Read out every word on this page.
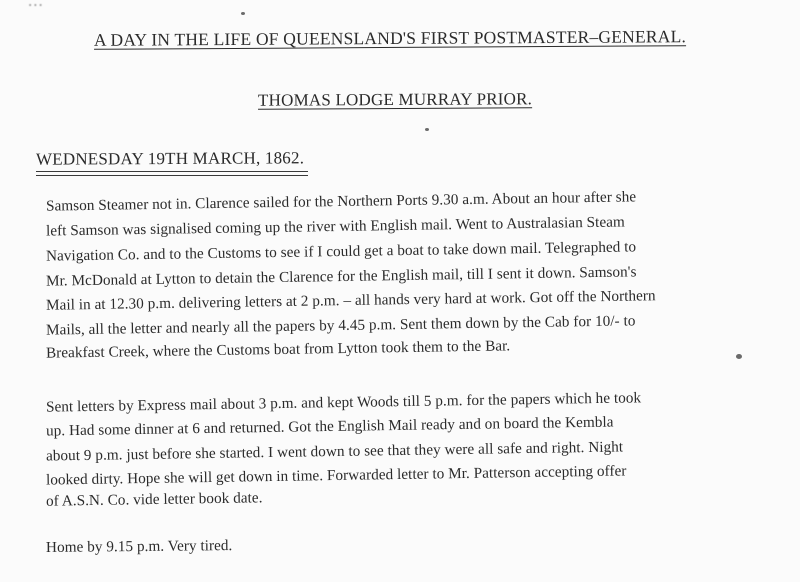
...
A DAY IN THE LIFE OF QUEENSLAND'S FIRST POSTMASTER–GENERAL.
THOMAS LODGE MURRAY PRIOR.
WEDNESDAY 19TH MARCH, 1862.
Samson Steamer not in. Clarence sailed for the Northern Ports 9.30 a.m. About an hour after she
left Samson was signalised coming up the river with English mail. Went to Australasian Steam
Navigation Co. and to the Customs to see if I could get a boat to take down mail. Telegraphed to
Mr. McDonald at Lytton to detain the Clarence for the English mail, till I sent it down. Samson's
Mail in at 12.30 p.m. delivering letters at 2 p.m. – all hands very hard at work. Got off the Northern
Mails, all the letter and nearly all the papers by 4.45 p.m. Sent them down by the Cab for 10/- to
Breakfast Creek, where the Customs boat from Lytton took them to the Bar.
Sent letters by Express mail about 3 p.m. and kept Woods till 5 p.m. for the papers which he took
up. Had some dinner at 6 and returned. Got the English Mail ready and on board the Kembla
about 9 p.m. just before she started. I went down to see that they were all safe and right. Night
looked dirty. Hope she will get down in time. Forwarded letter to Mr. Patterson accepting offer
of A.S.N. Co. vide letter book date.
Home by 9.15 p.m. Very tired.
